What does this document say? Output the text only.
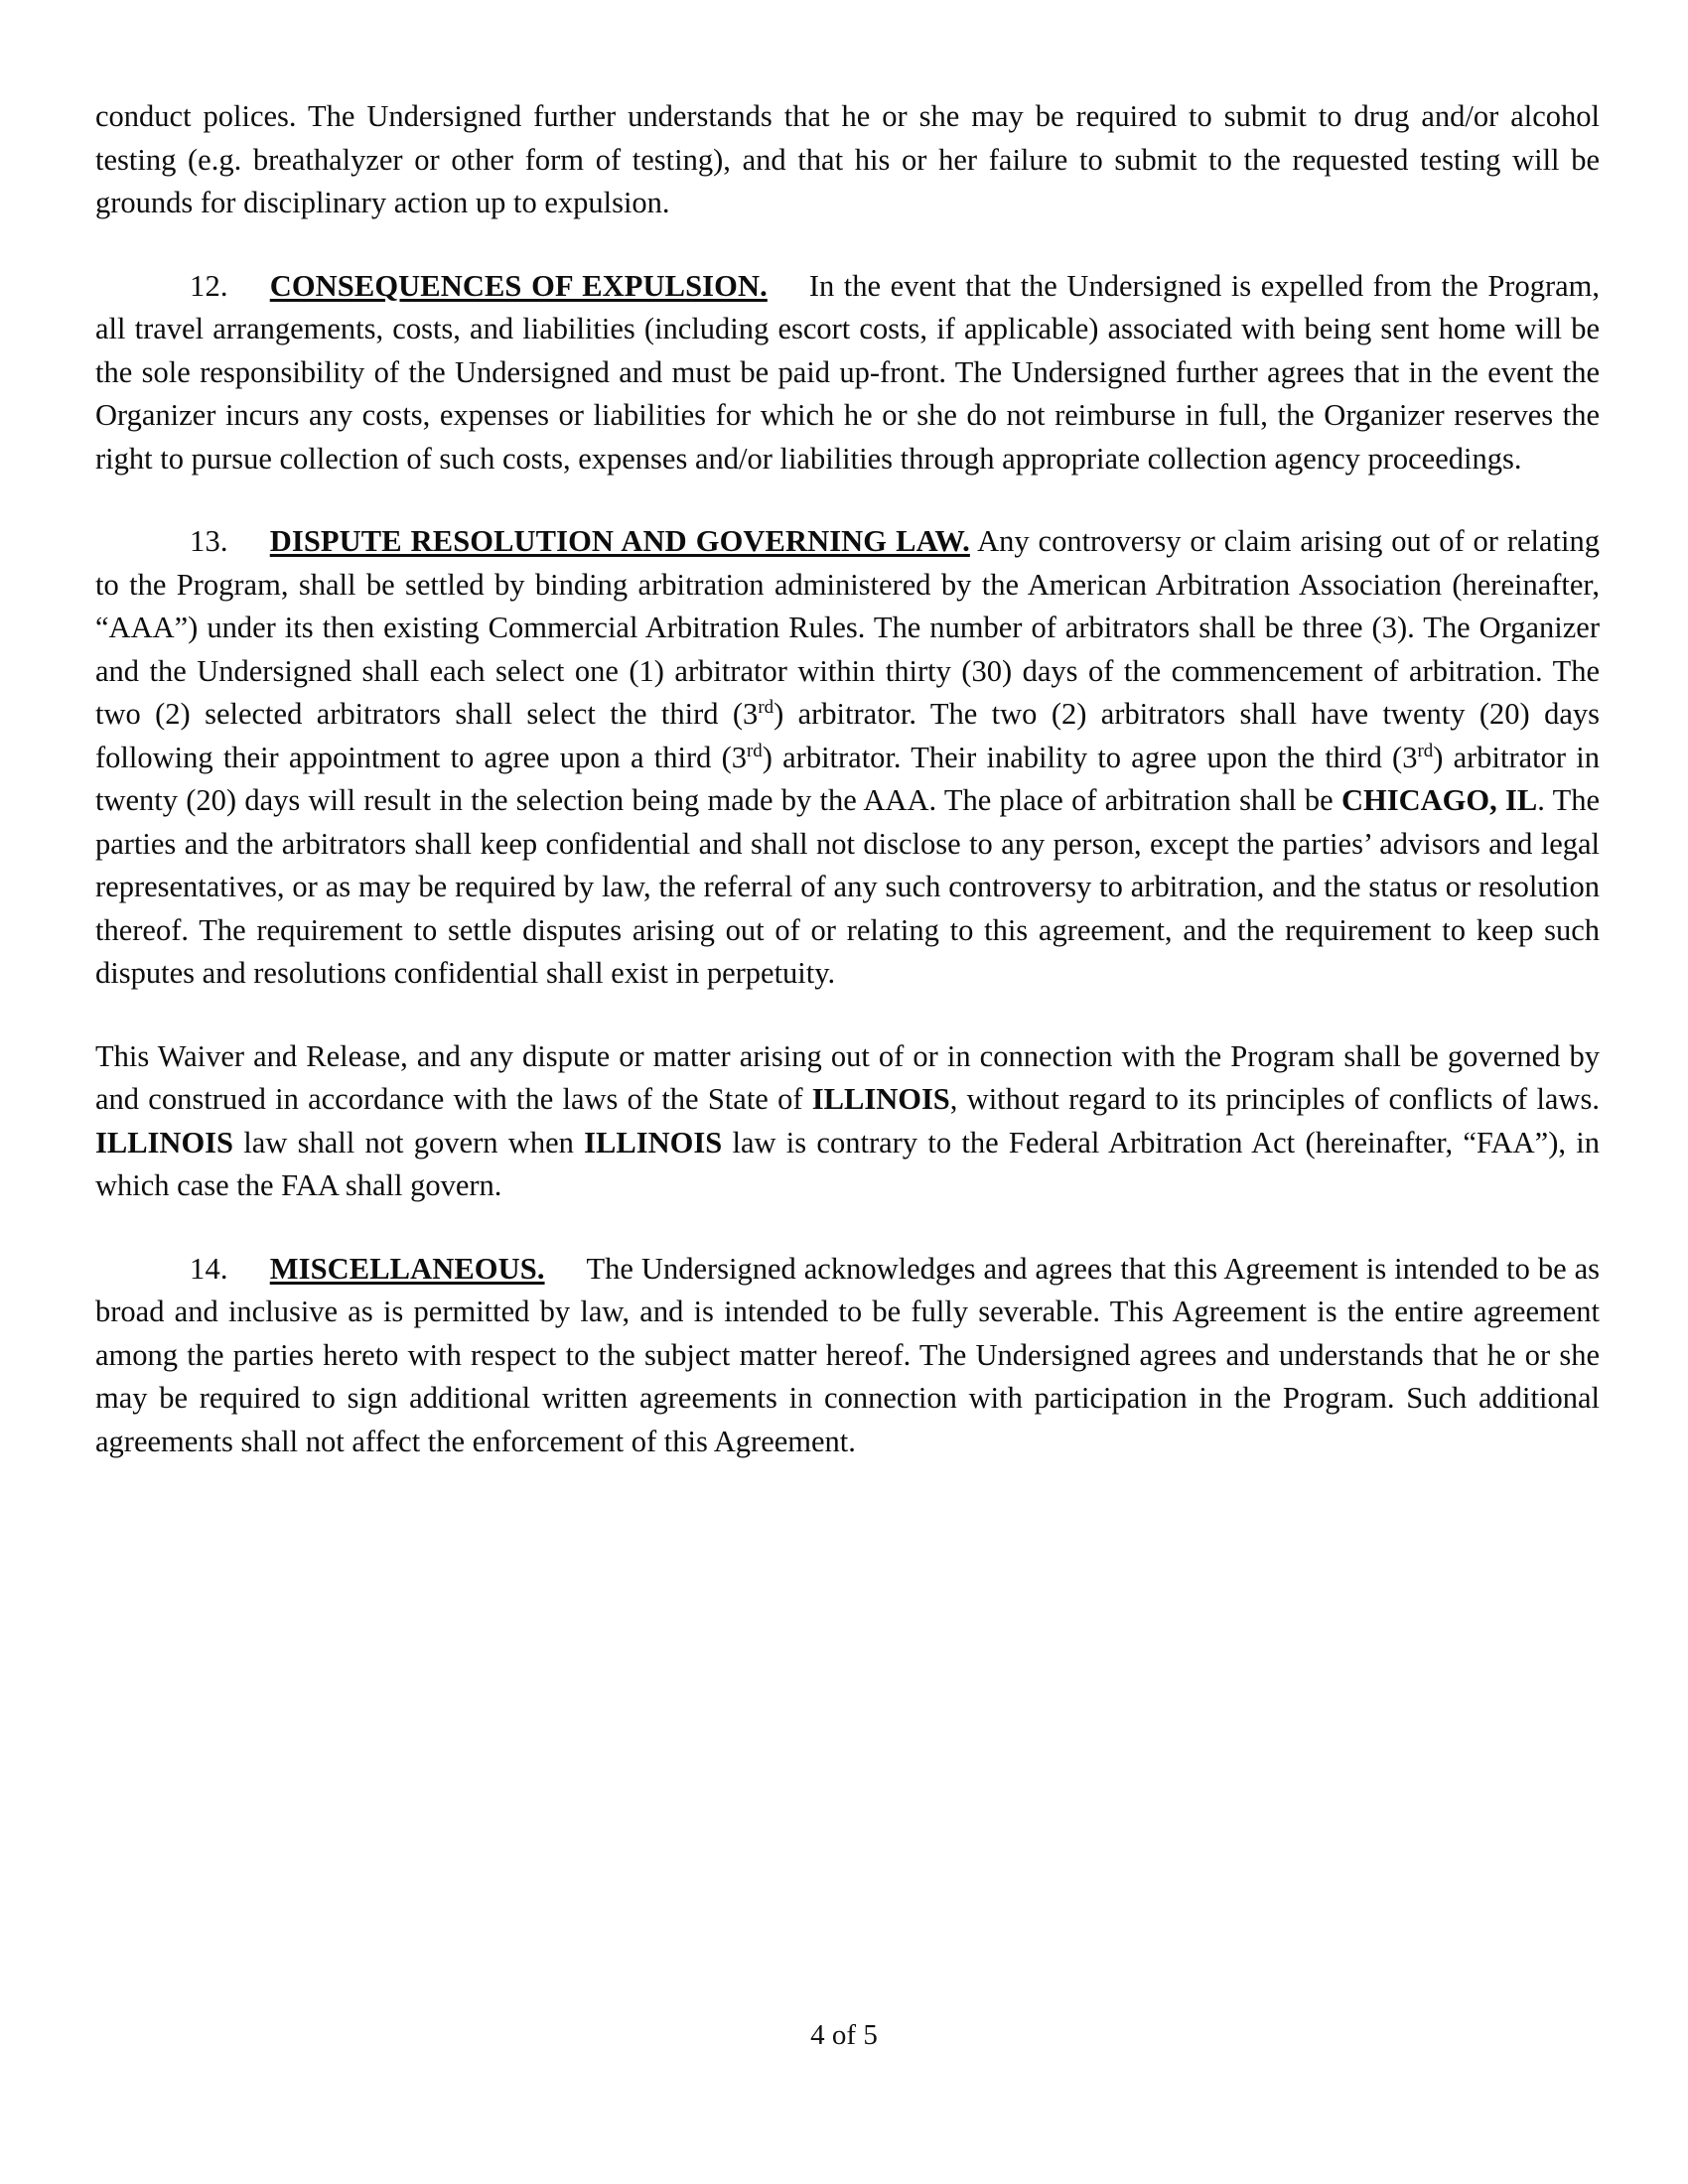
conduct polices. The Undersigned further understands that he or she may be required to submit to drug and/or alcohol testing (e.g. breathalyzer or other form of testing), and that his or her failure to submit to the requested testing will be grounds for disciplinary action up to expulsion.

12. CONSEQUENCES OF EXPULSION. In the event that the Undersigned is expelled from the Program, all travel arrangements, costs, and liabilities (including escort costs, if applicable) associated with being sent home will be the sole responsibility of the Undersigned and must be paid up-front. The Undersigned further agrees that in the event the Organizer incurs any costs, expenses or liabilities for which he or she do not reimburse in full, the Organizer reserves the right to pursue collection of such costs, expenses and/or liabilities through appropriate collection agency proceedings.

13. DISPUTE RESOLUTION AND GOVERNING LAW. Any controversy or claim arising out of or relating to the Program, shall be settled by binding arbitration administered by the American Arbitration Association (hereinafter, “AAA”) under its then existing Commercial Arbitration Rules. The number of arbitrators shall be three (3). The Organizer and the Undersigned shall each select one (1) arbitrator within thirty (30) days of the commencement of arbitration. The two (2) selected arbitrators shall select the third (3rd) arbitrator. The two (2) arbitrators shall have twenty (20) days following their appointment to agree upon a third (3rd) arbitrator. Their inability to agree upon the third (3rd) arbitrator in twenty (20) days will result in the selection being made by the AAA. The place of arbitration shall be CHICAGO, IL. The parties and the arbitrators shall keep confidential and shall not disclose to any person, except the parties’ advisors and legal representatives, or as may be required by law, the referral of any such controversy to arbitration, and the status or resolution thereof. The requirement to settle disputes arising out of or relating to this agreement, and the requirement to keep such disputes and resolutions confidential shall exist in perpetuity.

This Waiver and Release, and any dispute or matter arising out of or in connection with the Program shall be governed by and construed in accordance with the laws of the State of ILLINOIS, without regard to its principles of conflicts of laws. ILLINOIS law shall not govern when ILLINOIS law is contrary to the Federal Arbitration Act (hereinafter, “FAA”), in which case the FAA shall govern.

14. MISCELLANEOUS. The Undersigned acknowledges and agrees that this Agreement is intended to be as broad and inclusive as is permitted by law, and is intended to be fully severable. This Agreement is the entire agreement among the parties hereto with respect to the subject matter hereof. The Undersigned agrees and understands that he or she may be required to sign additional written agreements in connection with participation in the Program. Such additional agreements shall not affect the enforcement of this Agreement.

4 of 5
